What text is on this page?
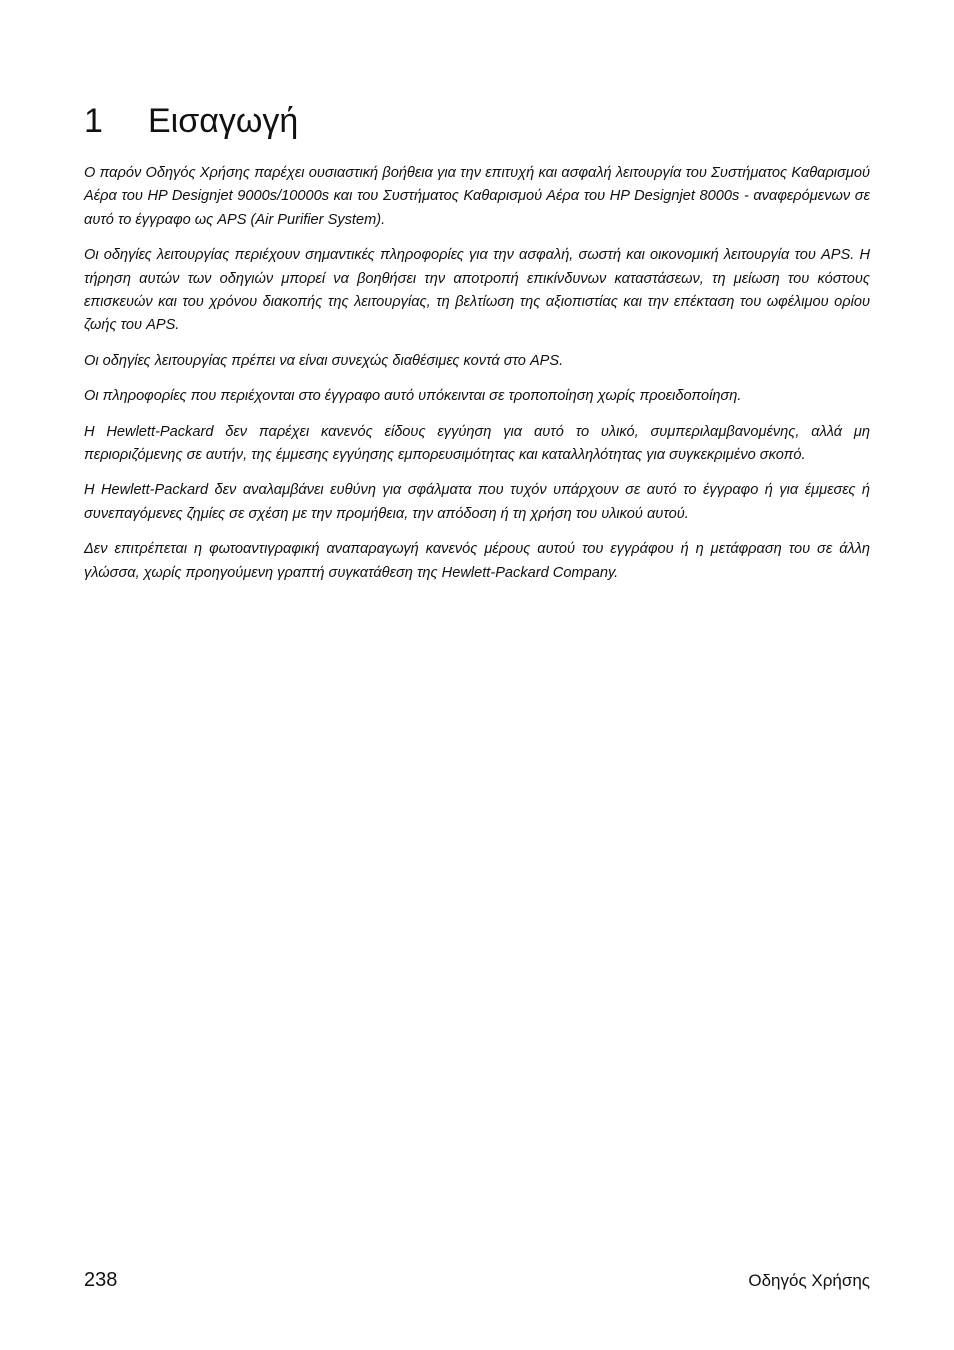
1	Εισαγωγή

Ο παρόν Οδηγός Χρήσης παρέχει ουσιαστική βοήθεια για την επιτυχή και ασφαλή λειτουργία του Συστήματος Καθαρισμού Αέρα του HP Designjet 9000s/10000s και του Συστήματος Καθαρισμού Αέρα του HP Designjet 8000s - αναφερόμενων σε αυτό το έγγραφο ως APS (Air Purifier System).

Οι οδηγίες λειτουργίας περιέχουν σημαντικές πληροφορίες για την ασφαλή, σωστή και οικονομική λειτουργία του APS. Η τήρηση αυτών των οδηγιών μπορεί να βοηθήσει την αποτροπή επικίνδυνων καταστάσεων, τη μείωση του κόστους επισκευών και του χρόνου διακοπής της λειτουργίας, τη βελτίωση της αξιοπιστίας και την επέκταση του ωφέλιμου ορίου ζωής του APS.

Οι οδηγίες λειτουργίας πρέπει να είναι συνεχώς διαθέσιμες κοντά στο APS.

Οι πληροφορίες που περιέχονται στο έγγραφο αυτό υπόκεινται σε τροποποίηση χωρίς προειδοποίηση.

Η Hewlett-Packard δεν παρέχει κανενός είδους εγγύηση για αυτό το υλικό, συμπεριλαμβανομένης, αλλά μη περιοριζόμενης σε αυτήν, της έμμεσης εγγύησης εμπορευσιμότητας και καταλληλότητας για συγκεκριμένο σκοπό.

Η Hewlett-Packard δεν αναλαμβάνει ευθύνη για σφάλματα που τυχόν υπάρχουν σε αυτό το έγγραφο ή για έμμεσες ή συνεπαγόμενες ζημίες σε σχέση με την προμήθεια, την απόδοση ή τη χρήση του υλικού αυτού.

Δεν επιτρέπεται η φωτοαντιγραφική αναπαραγωγή κανενός μέρους αυτού του εγγράφου ή η μετάφραση του σε άλλη γλώσσα, χωρίς προηγούμενη γραπτή συγκατάθεση της Hewlett-Packard Company.

238	Οδηγός Χρήσης
